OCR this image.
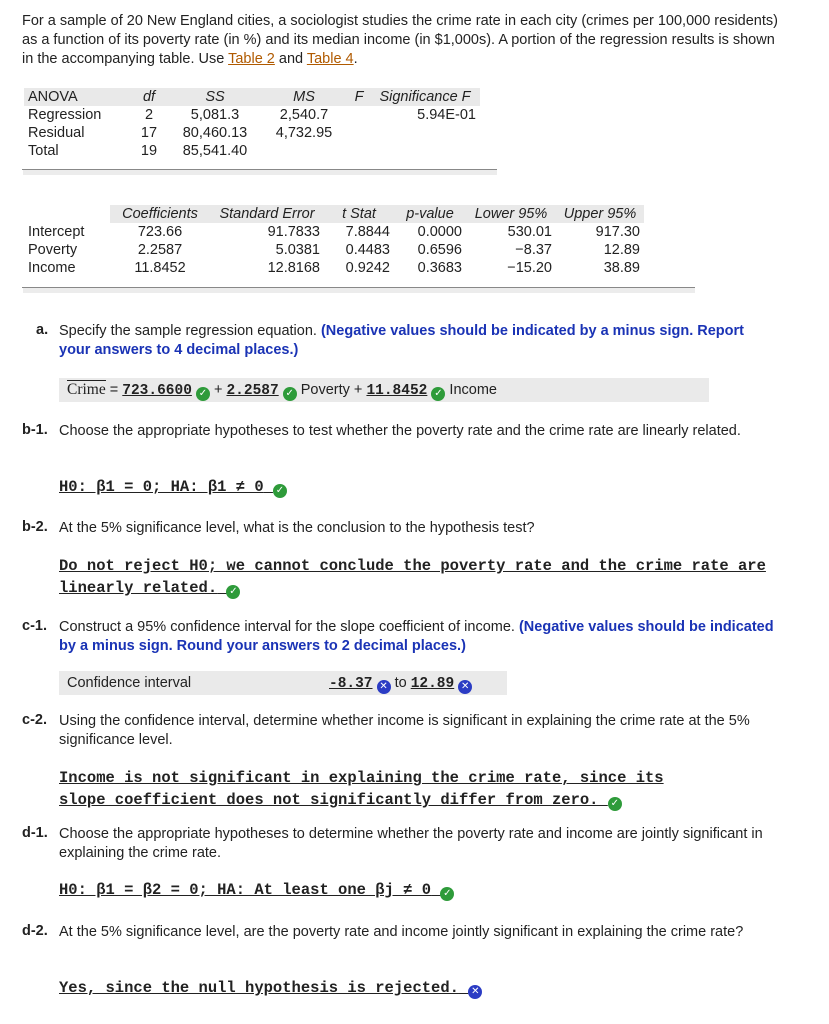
For a sample of 20 New England cities, a sociologist studies the crime rate in each city (crimes per 100,000 residents) as a function of its poverty rate (in %) and its median income (in $1,000s). A portion of the regression results is shown in the accompanying table. Use Table 2 and Table 4.
ANOVA	df	SS	MS	F	Significance F
Regression	2	5,081.3	2,540.7		5.94E-01
Residual	17	80,460.13	4,732.95		
Total	19	85,541.40			
	Coefficients	Standard Error	t Stat	p-value	Lower 95%	Upper 95%
Intercept	723.66	91.7833	7.8844	0.0000	530.01	917.30
Poverty	2.2587	5.0381	0.4483	0.6596	−8.37	12.89
Income	11.8452	12.8168	0.9242	0.3683	−15.20	38.89
a. Specify the sample regression equation. (Negative values should be indicated by a minus sign. Report your answers to 4 decimal places.)
Crime = 723.6600 ✓ + 2.2587 ✓ Poverty + 11.8452 ✓ Income
b-1. Choose the appropriate hypotheses to test whether the poverty rate and the crime rate are linearly related.
H0: β1 = 0; HA: β1 ≠ 0 ✓
b-2. At the 5% significance level, what is the conclusion to the hypothesis test?
Do not reject H0; we cannot conclude the poverty rate and the crime rate are linearly related. ✓
c-1. Construct a 95% confidence interval for the slope coefficient of income. (Negative values should be indicated by a minus sign. Round your answers to 2 decimal places.)
Confidence interval	-8.37 ✕ to 12.89 ✕
c-2. Using the confidence interval, determine whether income is significant in explaining the crime rate at the 5% significance level.
Income is not significant in explaining the crime rate, since its slope coefficient does not significantly differ from zero. ✓
d-1. Choose the appropriate hypotheses to determine whether the poverty rate and income are jointly significant in explaining the crime rate.
H0: β1 = β2 = 0; HA: At least one βj ≠ 0 ✓
d-2. At the 5% significance level, are the poverty rate and income jointly significant in explaining the crime rate?
Yes, since the null hypothesis is rejected. ✕
